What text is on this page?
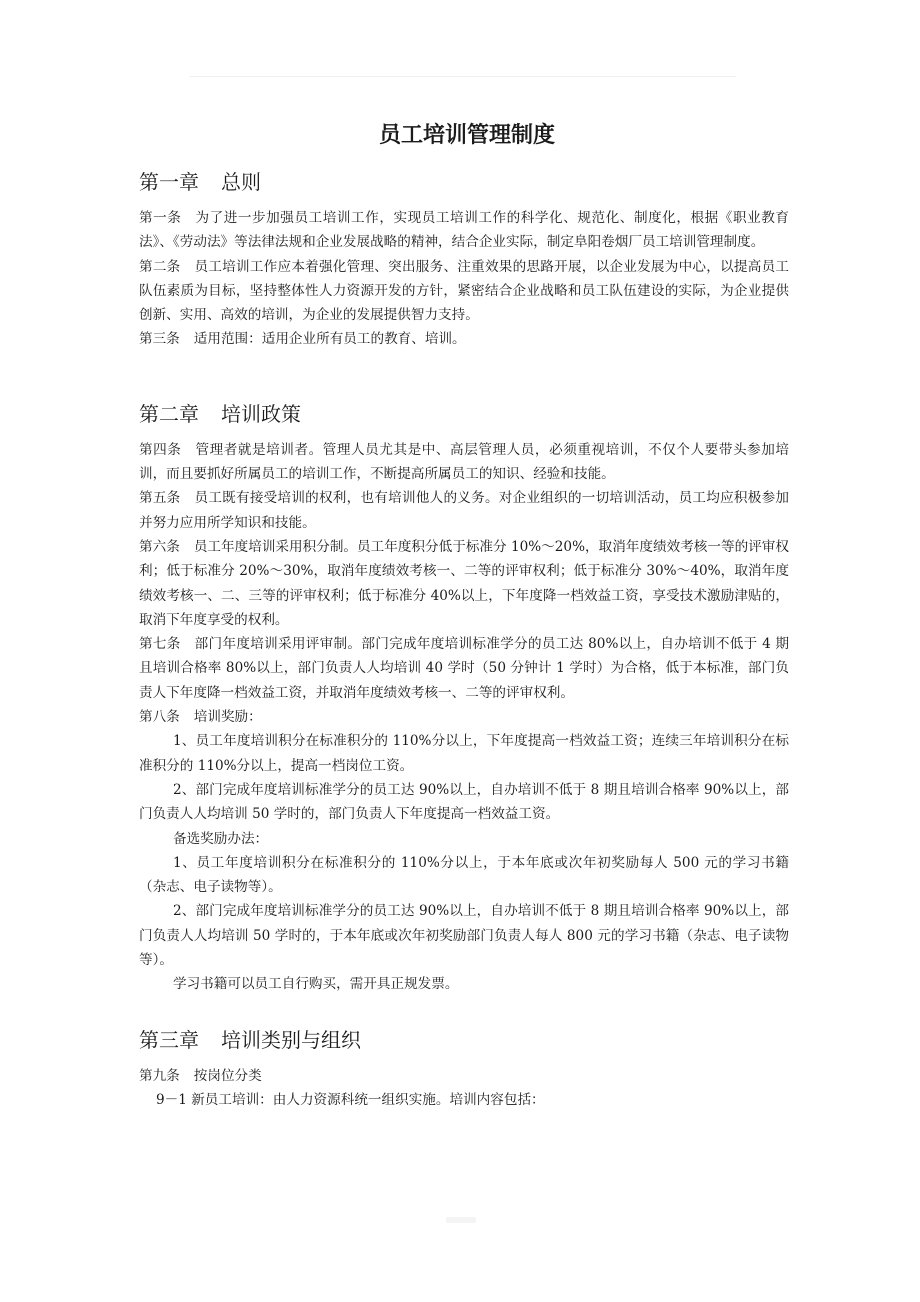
员工培训管理制度
第一章 总则

第一条 为了进一步加强员工培训工作，实现员工培训工作的科学化、规范化、制度化，根据《职业教育法》、《劳动法》等法律法规和企业发展战略的精神，结合企业实际，制定阜阳卷烟厂员工培训管理制度。

第二条 员工培训工作应本着强化管理、突出服务、注重效果的思路开展，以企业发展为中心，以提高员工队伍素质为目标，坚持整体性人力资源开发的方针，紧密结合企业战略和员工队伍建设的实际，为企业提供创新、实用、高效的培训，为企业的发展提供智力支持。

第三条 适用范围：适用企业所有员工的教育、培训。

第二章 培训政策

第四条 管理者就是培训者。管理人员尤其是中、高层管理人员，必须重视培训，不仅个人要带头参加培训，而且要抓好所属员工的培训工作，不断提高所属员工的知识、经验和技能。

第五条 员工既有接受培训的权利，也有培训他人的义务。对企业组织的一切培训活动，员工均应积极参加并努力应用所学知识和技能。

第六条 员工年度培训采用积分制。员工年度积分低于标准分 10%～20%，取消年度绩效考核一等的评审权利；低于标准分 20%～30%，取消年度绩效考核一、二等的评审权利；低于标准分 30%～40%，取消年度绩效考核一、二、三等的评审权利；低于标准分 40%以上，下年度降一档效益工资，享受技术激励津贴的，取消下年度享受的权利。

第七条 部门年度培训采用评审制。部门完成年度培训标准学分的员工达 80%以上，自办培训不低于 4 期且培训合格率 80%以上，部门负责人人均培训 40 学时（50 分钟计 1 学时）为合格，低于本标准，部门负责人下年度降一档效益工资，并取消年度绩效考核一、二等的评审权利。

第八条 培训奖励：

1、员工年度培训积分在标准积分的 110%分以上，下年度提高一档效益工资；连续三年培训积分在标准积分的 110%分以上，提高一档岗位工资。

2、部门完成年度培训标准学分的员工达 90%以上，自办培训不低于 8 期且培训合格率 90%以上，部门负责人人均培训 50 学时的，部门负责人下年度提高一档效益工资。

备选奖励办法：

1、员工年度培训积分在标准积分的 110%分以上，于本年底或次年初奖励每人 500 元的学习书籍（杂志、电子读物等）。

2、部门完成年度培训标准学分的员工达 90%以上，自办培训不低于 8 期且培训合格率 90%以上，部门负责人人均培训 50 学时的，于本年底或次年初奖励部门负责人每人 800 元的学习书籍（杂志、电子读物等）。

学习书籍可以员工自行购买，需开具正规发票。

第三章 培训类别与组织

第九条 按岗位分类

9－1 新员工培训：由人力资源科统一组织实施。培训内容包括：
